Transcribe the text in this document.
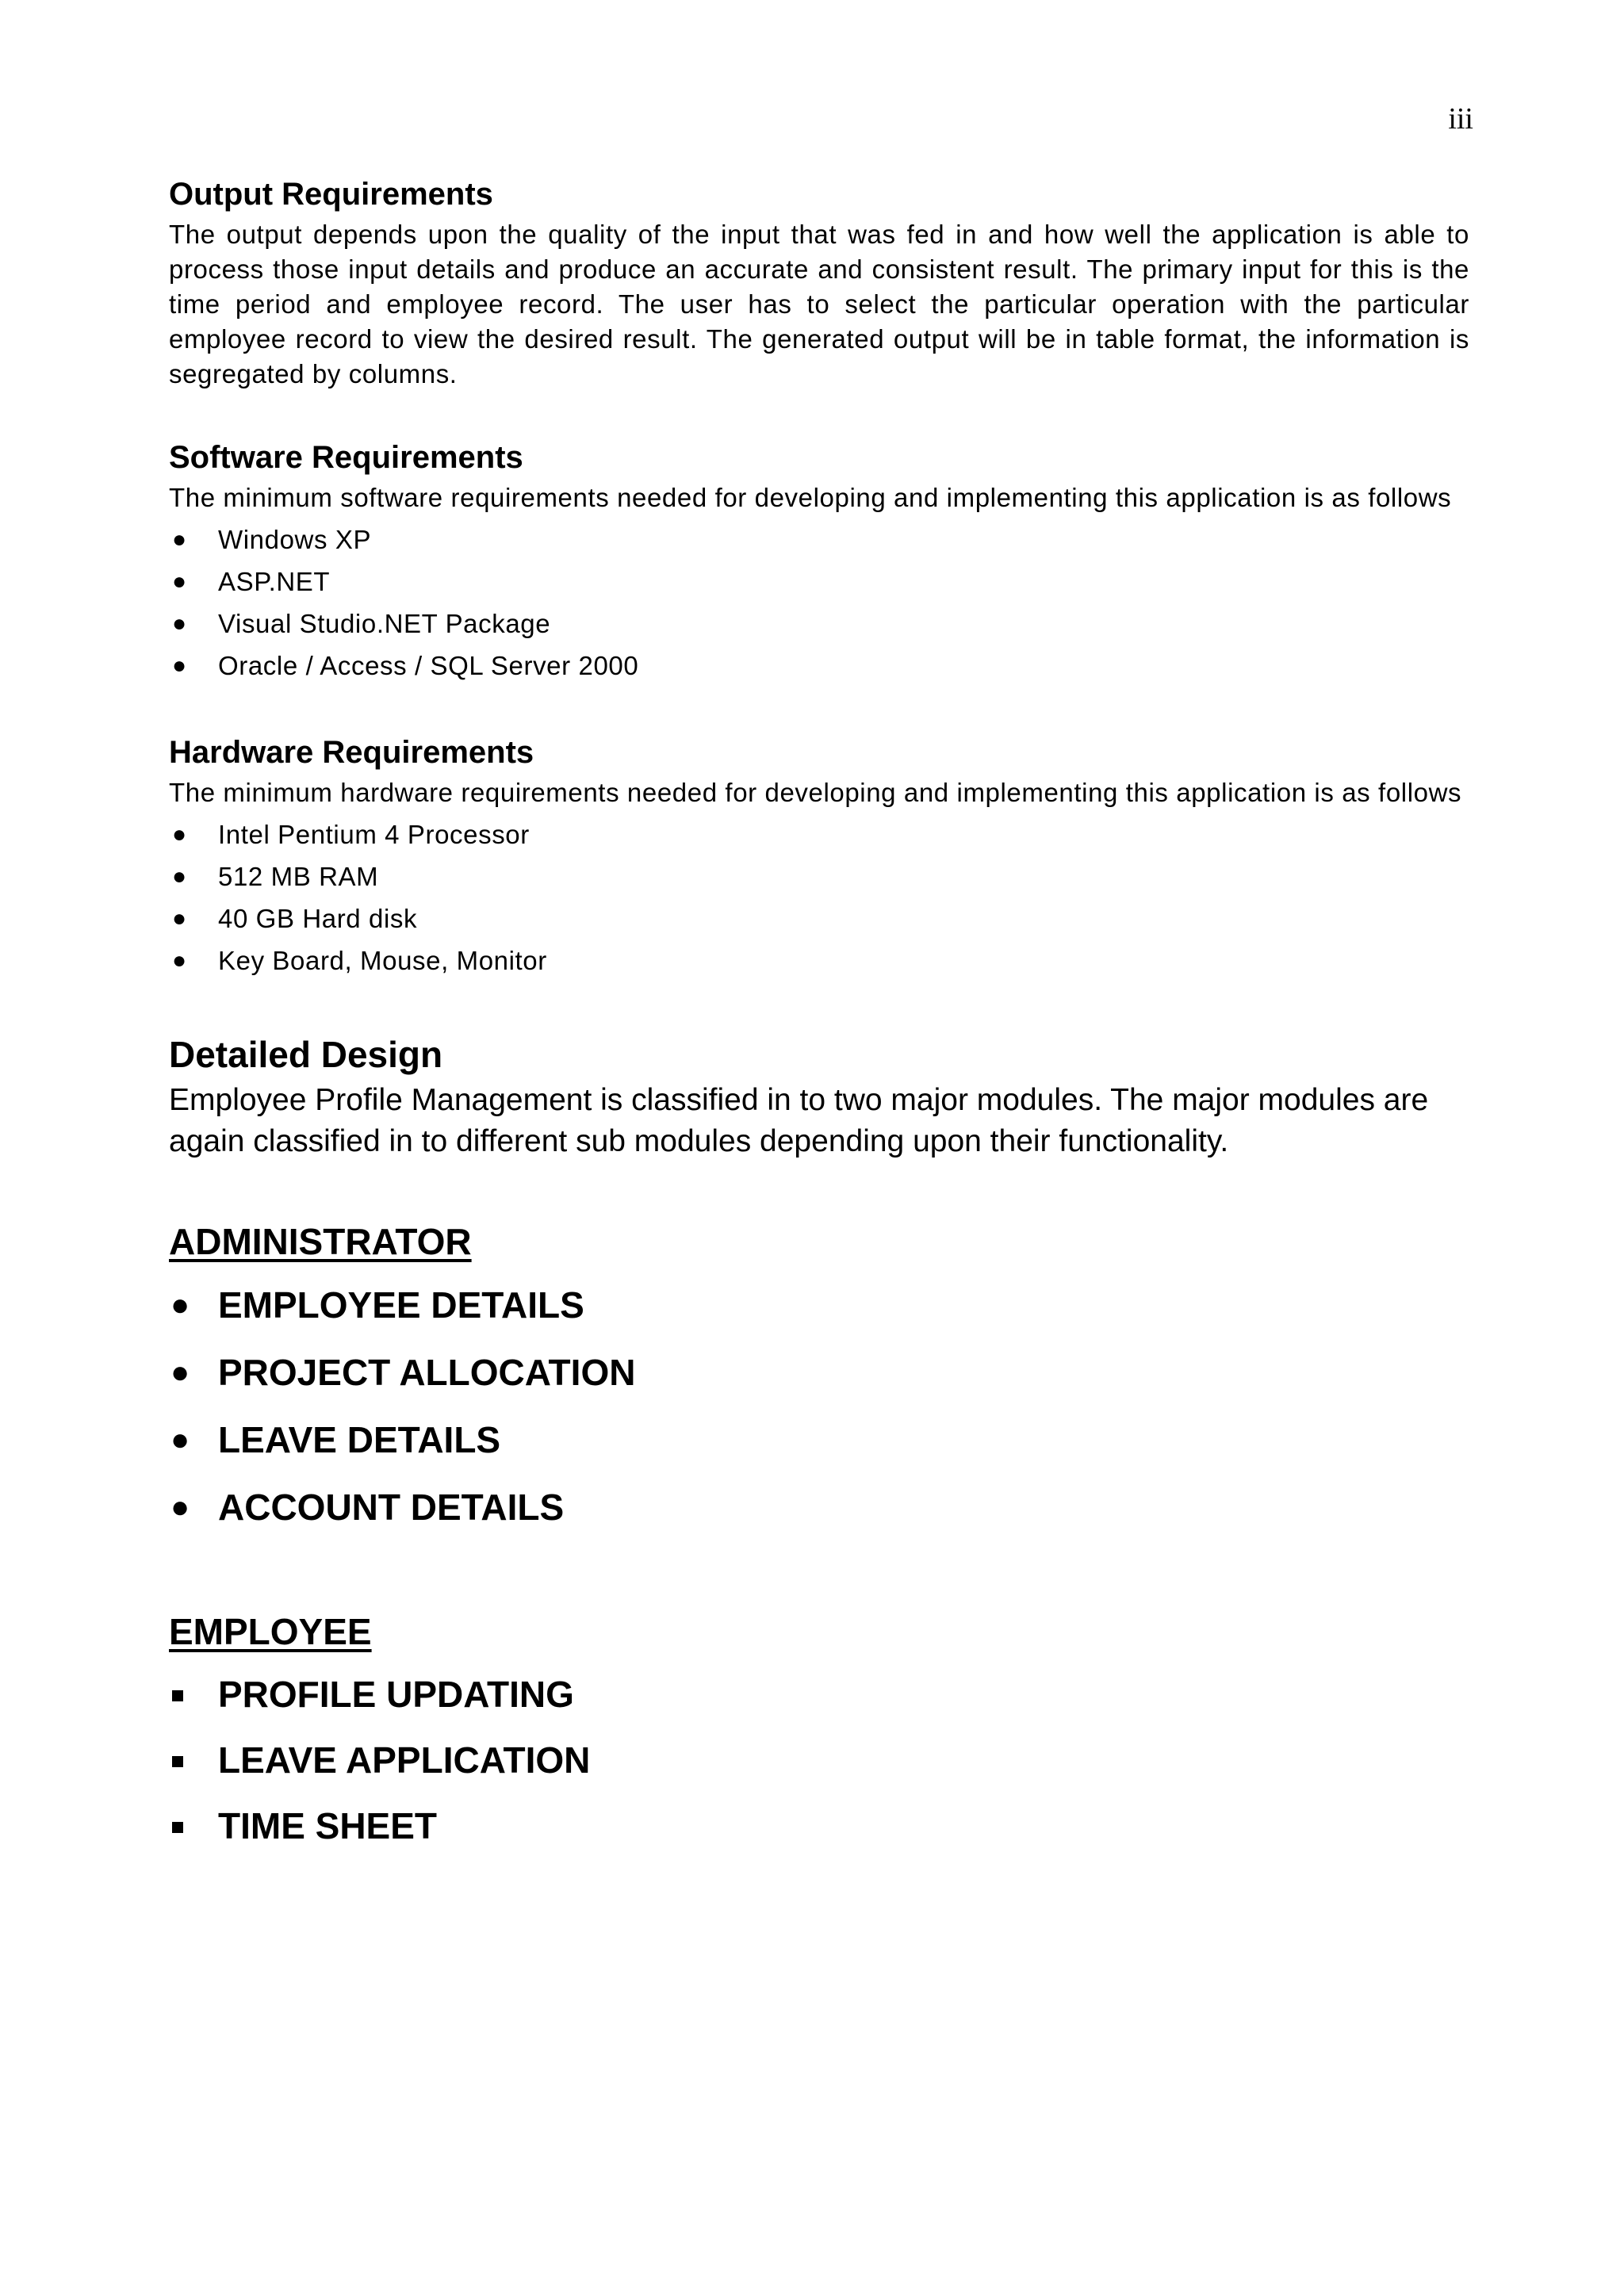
iii

Output Requirements

The output depends upon the quality of the input that was fed in and how well the application is able to process those input details and produce an accurate and consistent result. The primary input for this is the time period and employee record. The user has to select the particular operation with the particular employee record to view the desired result. The generated output will be in table format, the information is segregated by columns.

Software Requirements

The minimum software requirements needed for developing and implementing this application is as follows

● Windows XP
● ASP.NET
● Visual Studio.NET Package
● Oracle / Access / SQL Server 2000
Hardware Requirements

The minimum hardware requirements needed for developing and implementing this application is as follows

● Intel Pentium 4 Processor
● 512 MB RAM
● 40 GB Hard disk
● Key Board, Mouse, Monitor
Detailed Design

Employee Profile Management is classified in to two major modules. The major modules are again classified in to different sub modules depending upon their functionality.

ADMINISTRATOR
● EMPLOYEE DETAILS
● PROJECT ALLOCATION
● LEAVE DETAILS
● ACCOUNT DETAILS
EMPLOYEE
PROFILE UPDATING
LEAVE APPLICATION
TIME SHEET
